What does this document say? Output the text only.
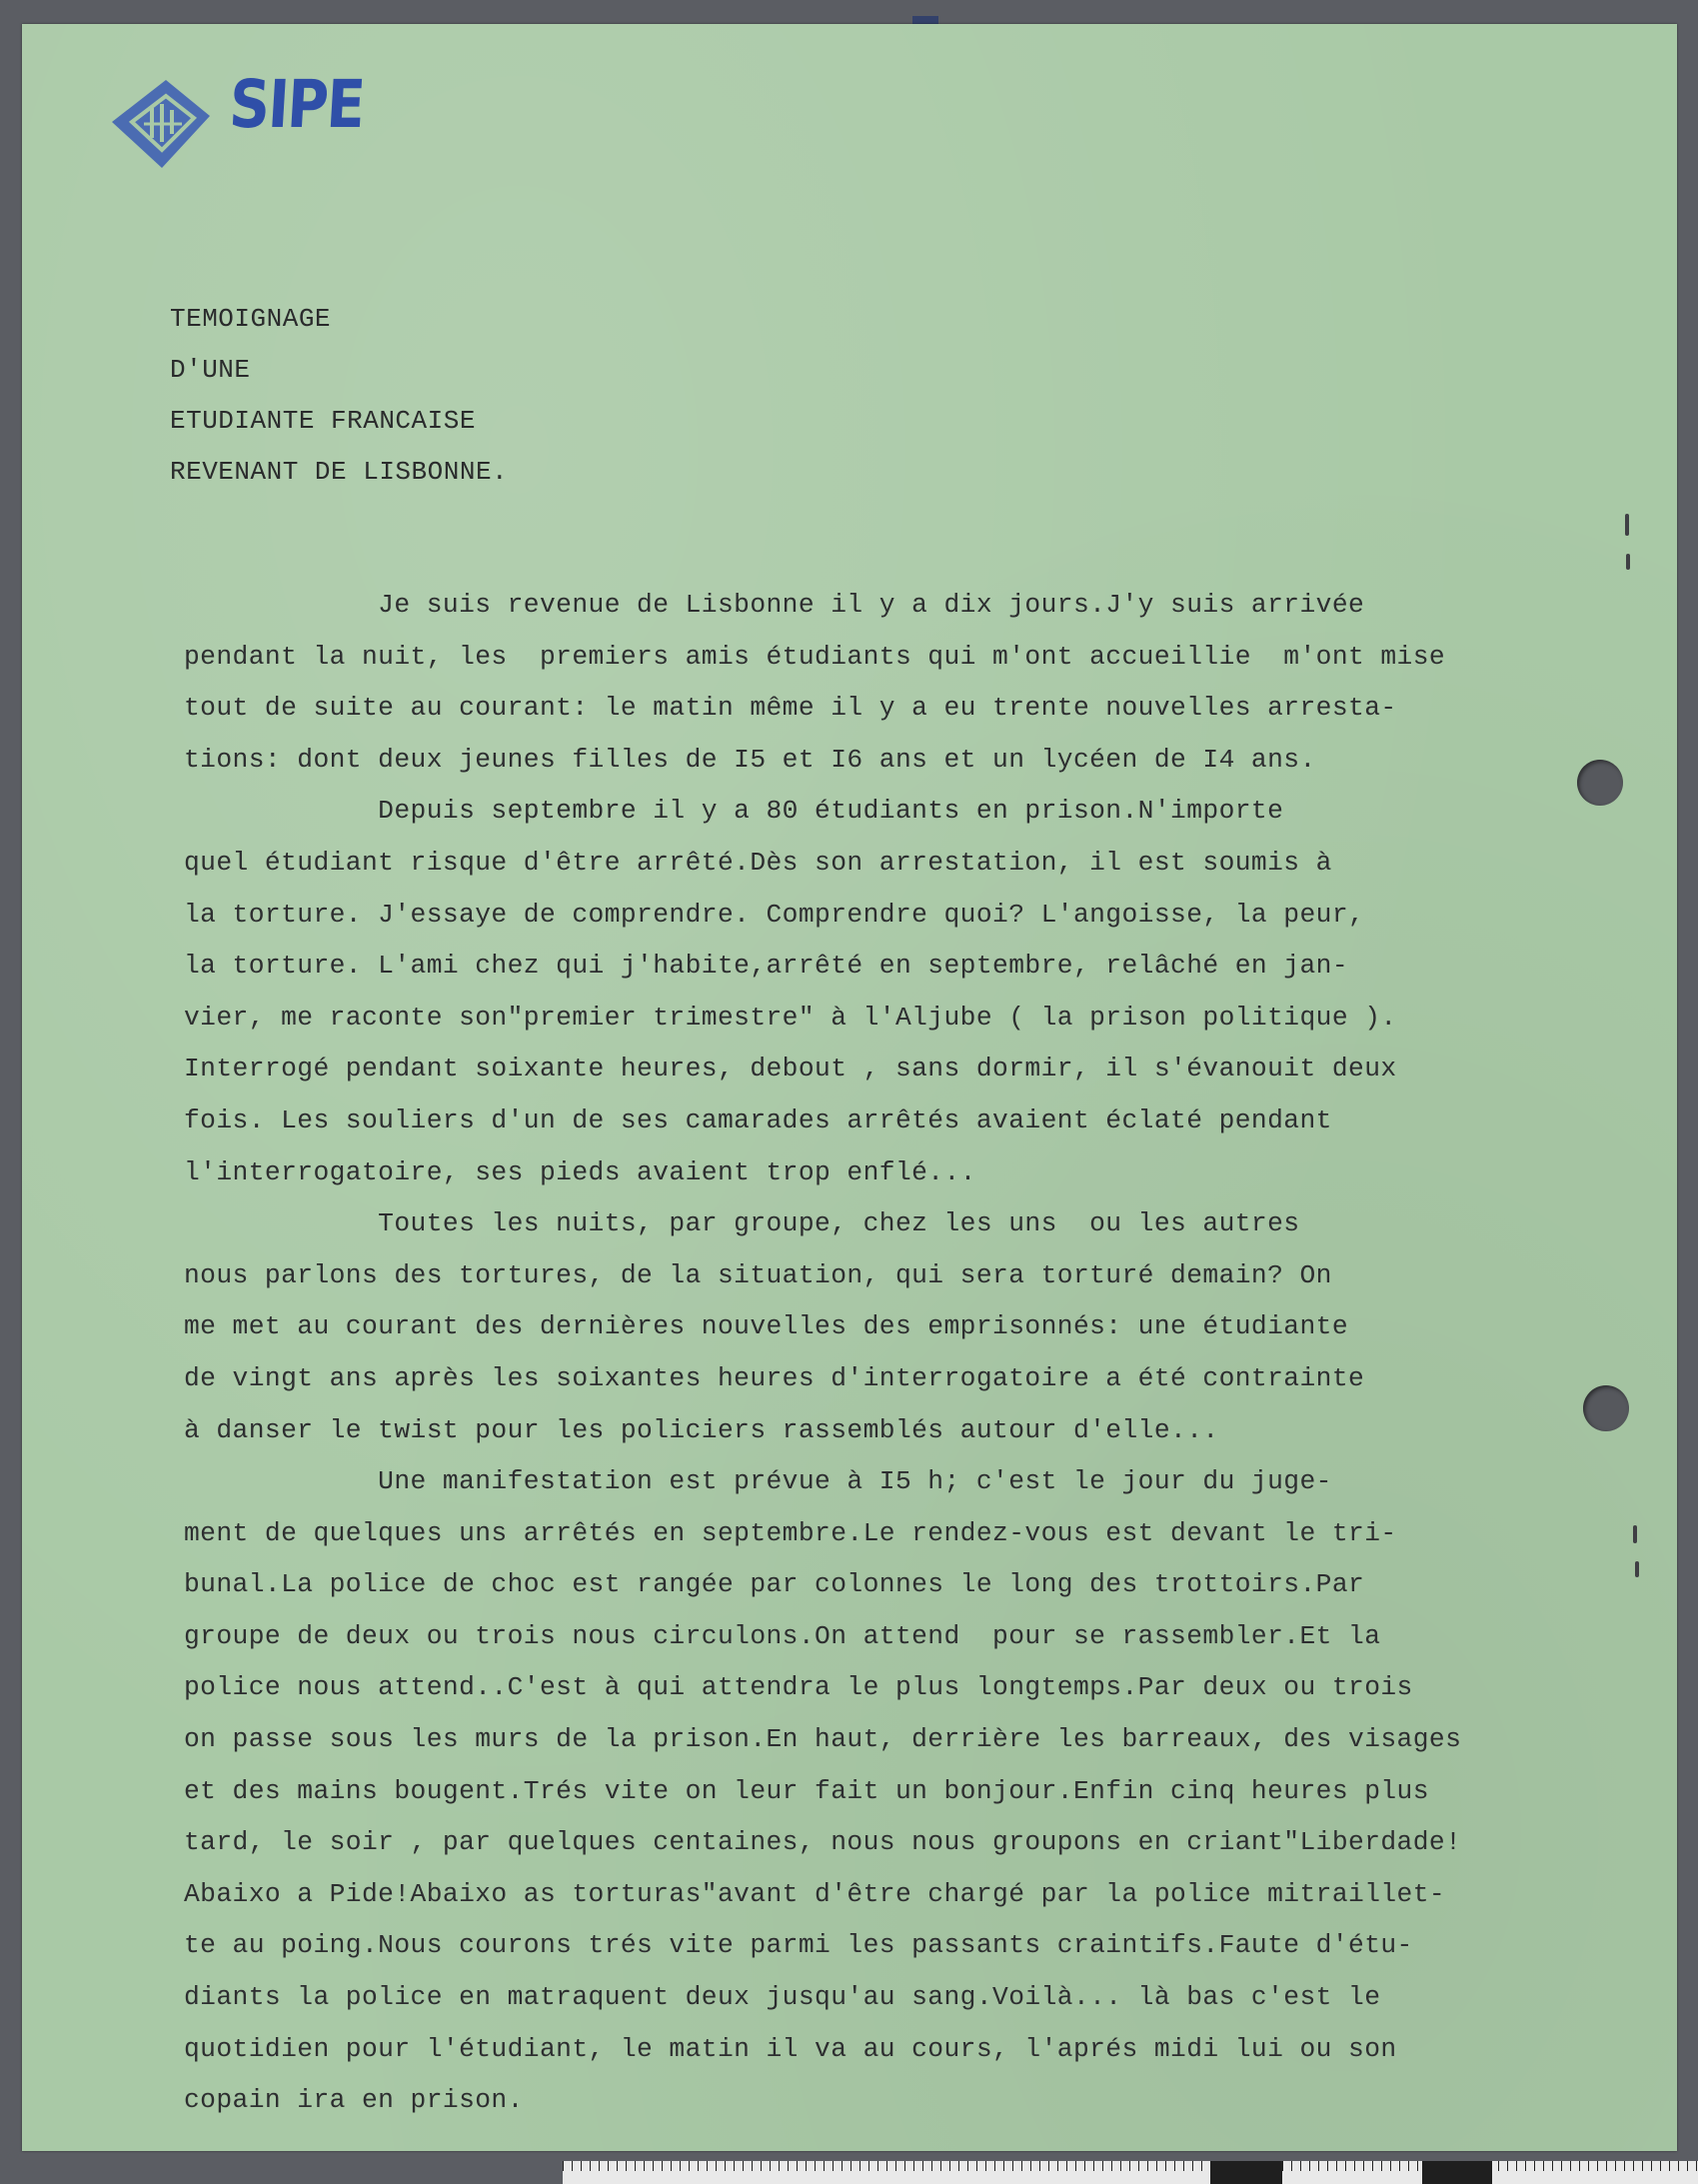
SIPE
TEMOIGNAGE
D'UNE
ETUDIANTE FRANCAISE
REVENANT DE LISBONNE.
Je suis revenue de Lisbonne il y a dix jours.J'y suis arrivée
pendant la nuit, les  premiers amis étudiants qui m'ont accueillie  m'ont mise
tout de suite au courant: le matin même il y a eu trente nouvelles arresta-
tions: dont deux jeunes filles de I5 et I6 ans et un lycéen de I4 ans.
Depuis septembre il y a 80 étudiants en prison.N'importe
quel étudiant risque d'être arrêté.Dès son arrestation, il est soumis à
la torture. J'essaye de comprendre. Comprendre quoi? L'angoisse, la peur,
la torture. L'ami chez qui j'habite,arrêté en septembre, relâché en jan-
vier, me raconte son"premier trimestre" à l'Aljube ( la prison politique ).
Interrogé pendant soixante heures, debout , sans dormir, il s'évanouit deux
fois. Les souliers d'un de ses camarades arrêtés avaient éclaté pendant
l'interrogatoire, ses pieds avaient trop enflé...
Toutes les nuits, par groupe, chez les uns  ou les autres
nous parlons des tortures, de la situation, qui sera torturé demain? On
me met au courant des dernières nouvelles des emprisonnés: une étudiante
de vingt ans après les soixantes heures d'interrogatoire a été contrainte
à danser le twist pour les policiers rassemblés autour d'elle...
Une manifestation est prévue à I5 h; c'est le jour du juge-
ment de quelques uns arrêtés en septembre.Le rendez-vous est devant le tri-
bunal.La police de choc est rangée par colonnes le long des trottoirs.Par
groupe de deux ou trois nous circulons.On attend  pour se rassembler.Et la
police nous attend..C'est à qui attendra le plus longtemps.Par deux ou trois
on passe sous les murs de la prison.En haut, derrière les barreaux, des visages
et des mains bougent.Trés vite on leur fait un bonjour.Enfin cinq heures plus
tard, le soir , par quelques centaines, nous nous groupons en criant"Liberdade!
Abaixo a Pide!Abaixo as torturas"avant d'être chargé par la police mitraillet-
te au poing.Nous courons trés vite parmi les passants craintifs.Faute d'étu-
diants la police en matraquent deux jusqu'au sang.Voilà... là bas c'est le
quotidien pour l'étudiant, le matin il va au cours, l'aprés midi lui ou son
copain ira en prison.
